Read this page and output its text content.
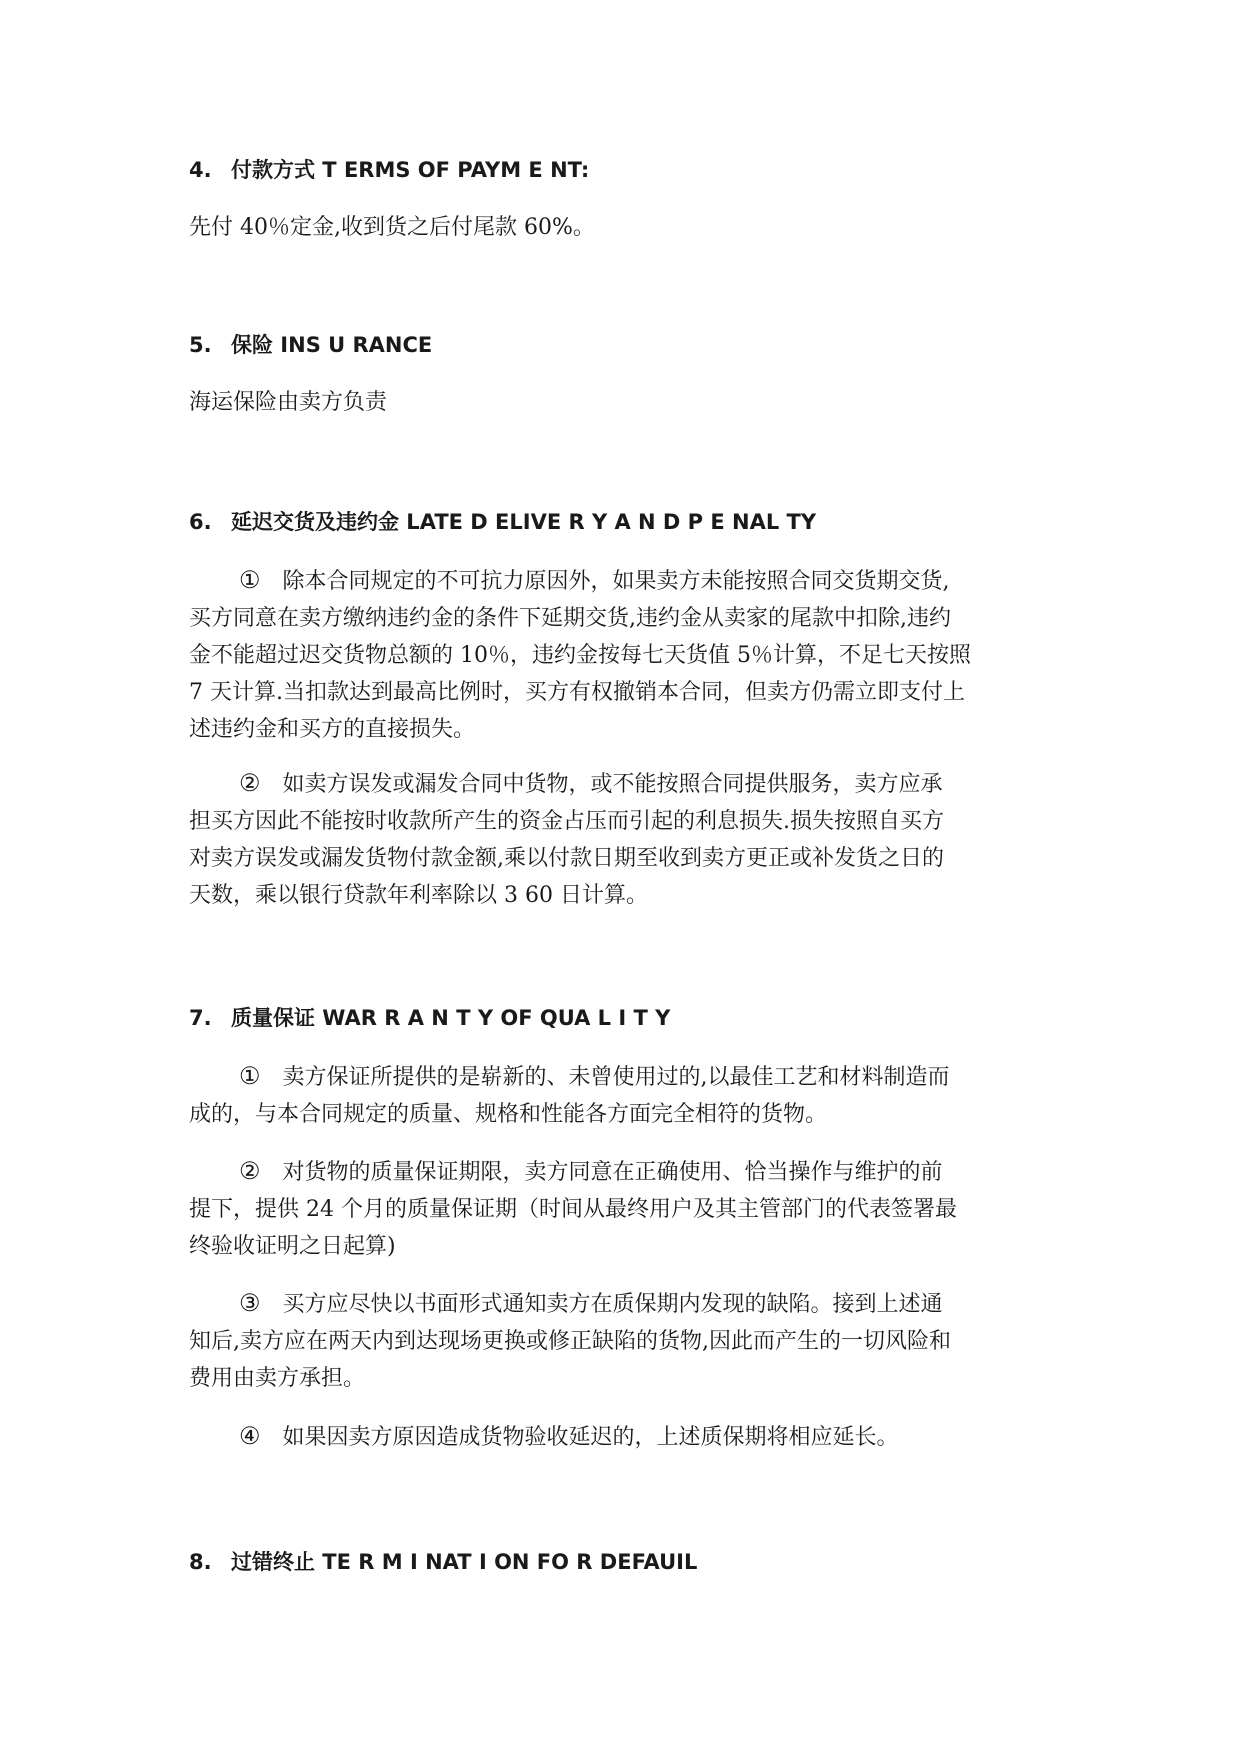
4. 付款方式 T ERMS OF PAYM E NT:
先付 40％定金,收到货之后付尾款 60%。
5. 保险 INS U RANCE
海运保险由卖方负责
6. 延迟交货及违约金 LATE D ELIVE R Y A N D P E NAL TY
① 除本合同规定的不可抗力原因外，如果卖方未能按照合同交货期交货,
买方同意在卖方缴纳违约金的条件下延期交货,违约金从卖家的尾款中扣除,违约
金不能超过迟交货物总额的 10％，违约金按每七天货值 5％计算，不足七天按照
7 天计算.当扣款达到最高比例时，买方有权撤销本合同，但卖方仍需立即支付上
述违约金和买方的直接损失。
② 如卖方误发或漏发合同中货物，或不能按照合同提供服务，卖方应承
担买方因此不能按时收款所产生的资金占压而引起的利息损失.损失按照自买方
对卖方误发或漏发货物付款金额,乘以付款日期至收到卖方更正或补发货之日的
天数，乘以银行贷款年利率除以 3 60 日计算。
7. 质量保证 WAR R A N T Y OF QUA L I T Y
① 卖方保证所提供的是崭新的、未曾使用过的,以最佳工艺和材料制造而
成的，与本合同规定的质量、规格和性能各方面完全相符的货物。
② 对货物的质量保证期限，卖方同意在正确使用、恰当操作与维护的前
提下，提供 24 个月的质量保证期（时间从最终用户及其主管部门的代表签署最
终验收证明之日起算)
③ 买方应尽快以书面形式通知卖方在质保期内发现的缺陷。接到上述通
知后,卖方应在两天内到达现场更换或修正缺陷的货物,因此而产生的一切风险和
费用由卖方承担。
④ 如果因卖方原因造成货物验收延迟的，上述质保期将相应延长。
8. 过错终止 TE R M I NAT I ON FO R DEFAUIL
